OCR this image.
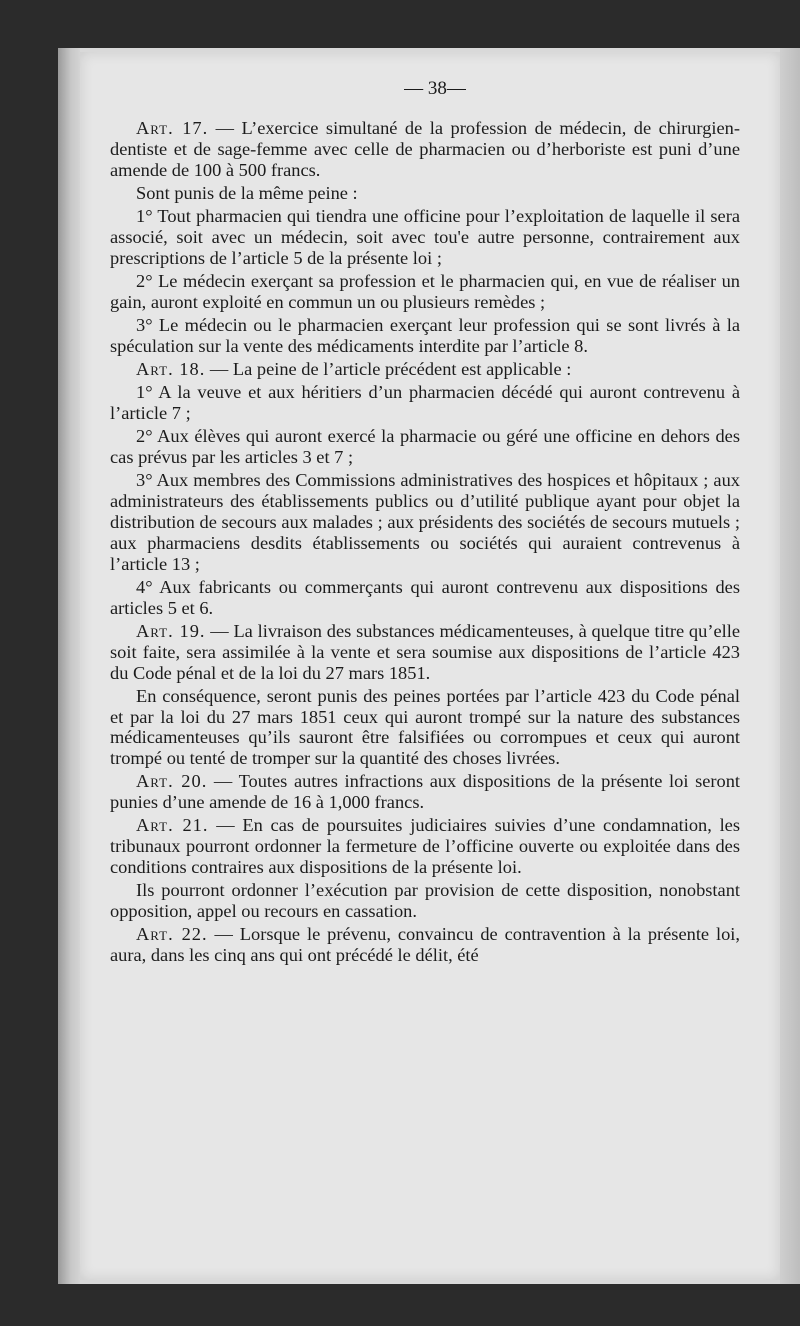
— 38—

Art. 17. — L’exercice simultané de la profession de médecin, de chirurgien-dentiste et de sage-femme avec celle de pharmacien ou d’herboriste est puni d’une amende de 100 à 500 francs.

Sont punis de la même peine :

1° Tout pharmacien qui tiendra une officine pour l’exploitation de laquelle il sera associé, soit avec un médecin, soit avec tou'e autre personne, contrairement aux prescriptions de l’article 5 de la présente loi ;

2° Le médecin exerçant sa profession et le pharmacien qui, en vue de réaliser un gain, auront exploité en commun un ou plusieurs remèdes ;

3° Le médecin ou le pharmacien exerçant leur profession qui se sont livrés à la spéculation sur la vente des médicaments interdite par l’article 8.

Art. 18. — La peine de l’article précédent est applicable :

1° A la veuve et aux héritiers d’un pharmacien décédé qui auront contrevenu à l’article 7 ;

2° Aux élèves qui auront exercé la pharmacie ou géré une officine en dehors des cas prévus par les articles 3 et 7 ;

3° Aux membres des Commissions administratives des hospices et hôpitaux ; aux administrateurs des établissements publics ou d’utilité publique ayant pour objet la distribution de secours aux malades ; aux présidents des sociétés de secours mutuels ; aux pharmaciens desdits établissements ou sociétés qui auraient contrevenus à l’article 13 ;

4° Aux fabricants ou commerçants qui auront contrevenu aux dispositions des articles 5 et 6.

Art. 19. — La livraison des substances médicamenteuses, à quelque titre qu’elle soit faite, sera assimilée à la vente et sera soumise aux dispositions de l’article 423 du Code pénal et de la loi du 27 mars 1851.

En conséquence, seront punis des peines portées par l’article 423 du Code pénal et par la loi du 27 mars 1851 ceux qui auront trompé sur la nature des substances médicamenteuses qu’ils sauront être falsifiées ou corrompues et ceux qui auront trompé ou tenté de tromper sur la quantité des choses livrées.

Art. 20. — Toutes autres infractions aux dispositions de la présente loi seront punies d’une amende de 16 à 1,000 francs.

Art. 21. — En cas de poursuites judiciaires suivies d’une condamnation, les tribunaux pourront ordonner la fermeture de l’officine ouverte ou exploitée dans des conditions contraires aux dispositions de la présente loi.

Ils pourront ordonner l’exécution par provision de cette disposition, nonobstant opposition, appel ou recours en cassation.

Art. 22. — Lorsque le prévenu, convaincu de contravention à la présente loi, aura, dans les cinq ans qui ont précédé le délit, été
